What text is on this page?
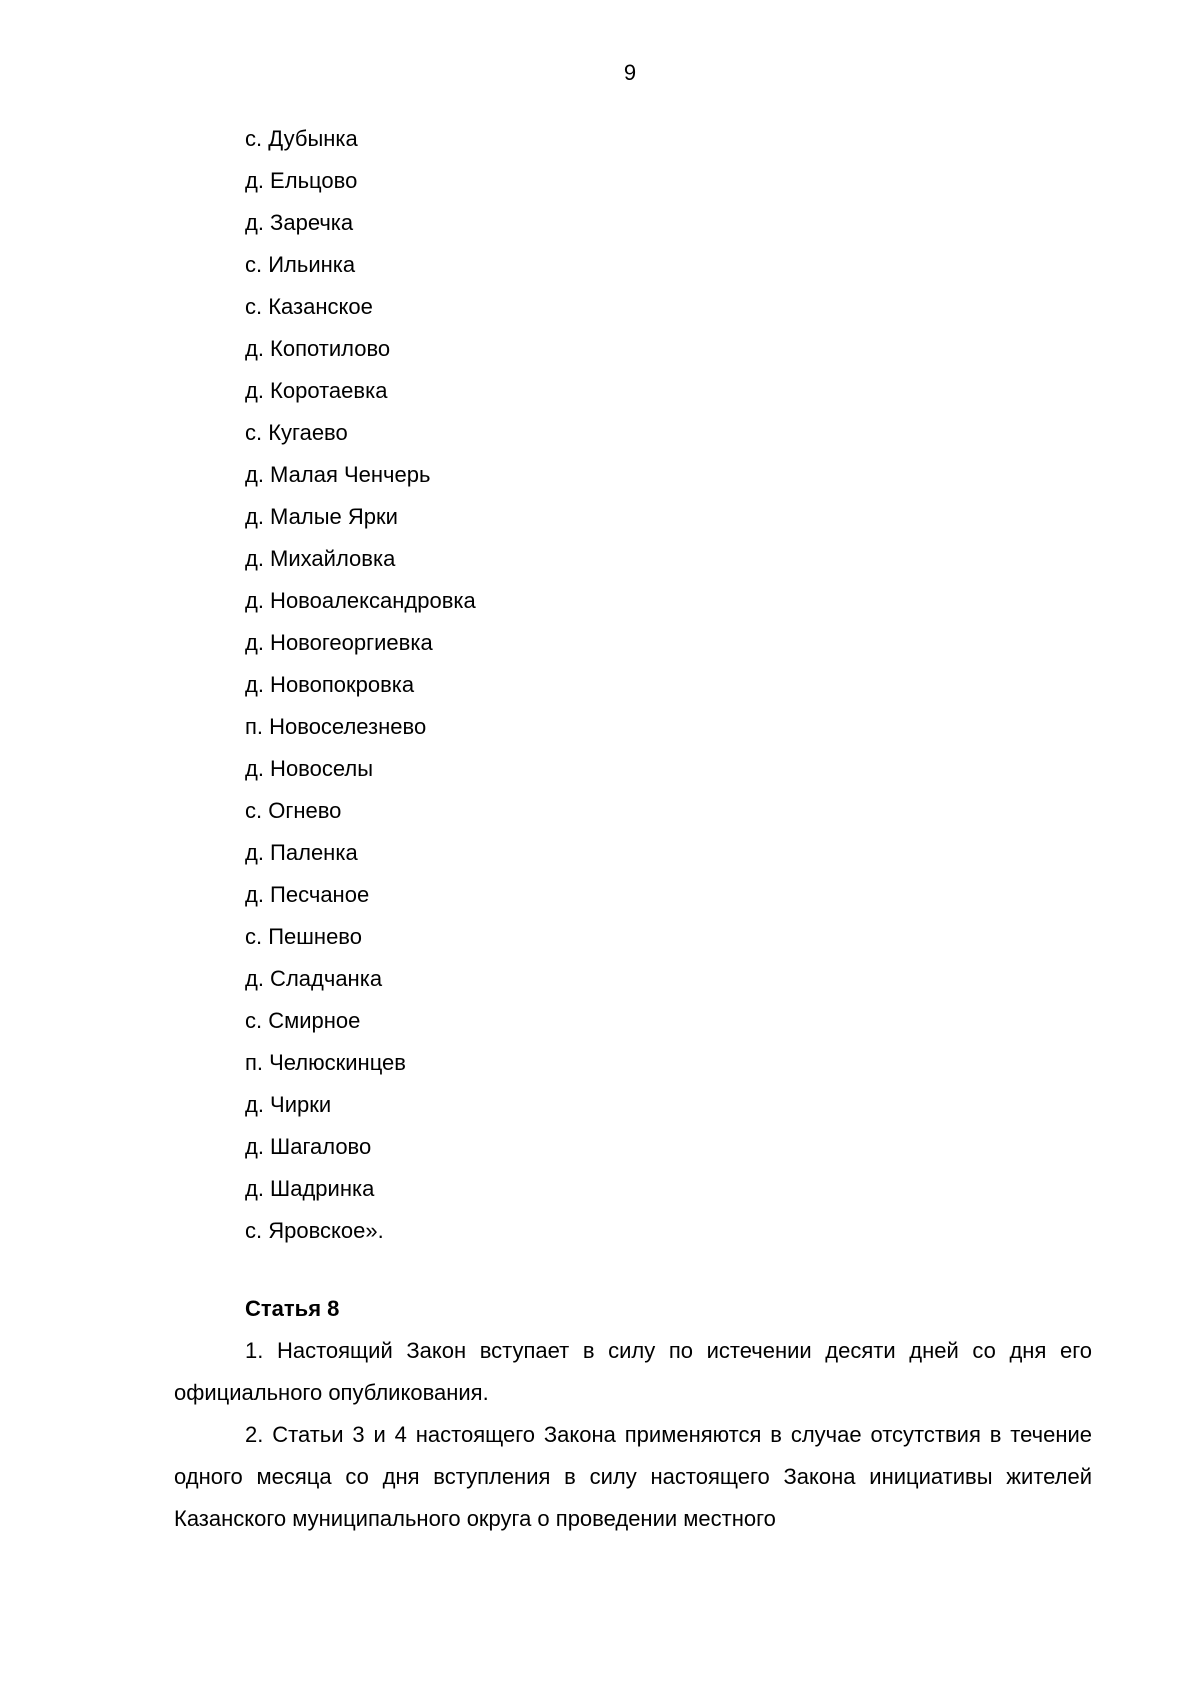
9
с. Дубынка
д. Ельцово
д. Заречка
с. Ильинка
с. Казанское
д. Копотилово
д. Коротаевка
с. Кугаево
д. Малая Ченчерь
д. Малые Ярки
д. Михайловка
д. Новоалександровка
д. Новогеоргиевка
д. Новопокровка
п. Новоселезнево
д. Новоселы
с. Огнево
д. Паленка
д. Песчаное
с. Пешнево
д. Сладчанка
с. Смирное
п. Челюскинцев
д. Чирки
д. Шагалово
д. Шадринка
с. Яровское».
Статья 8

1. Настоящий Закон вступает в силу по истечении десяти дней со дня его официального опубликования.

2. Статьи 3 и 4 настоящего Закона применяются в случае отсутствия в течение одного месяца со дня вступления в силу настоящего Закона инициативы жителей Казанского муниципального округа о проведении местного
